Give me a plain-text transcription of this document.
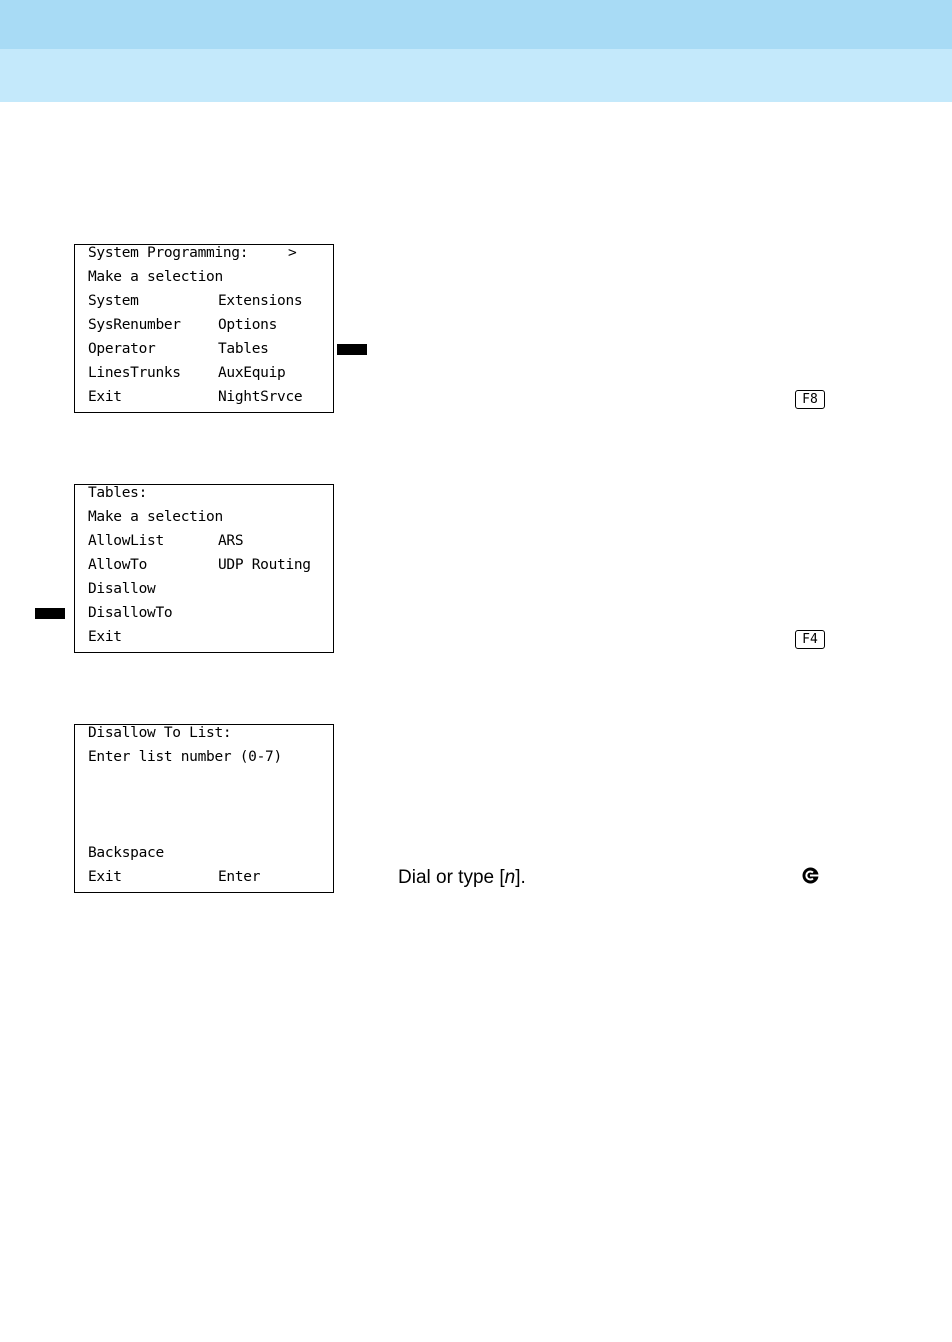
System Programming:	>
Make a selection
System	Extensions
SysRenumber	Options
Operator	Tables
LinesTrunks	AuxEquip
Exit	NightSrvce	F8
Tables:
Make a selection
AllowList	ARS
AllowTo	UDP Routing
Disallow
DisallowTo
Exit	F4
Disallow To List:
Enter list number (0-7)
Backspace
Exit	Enter	Dial or type [n].
